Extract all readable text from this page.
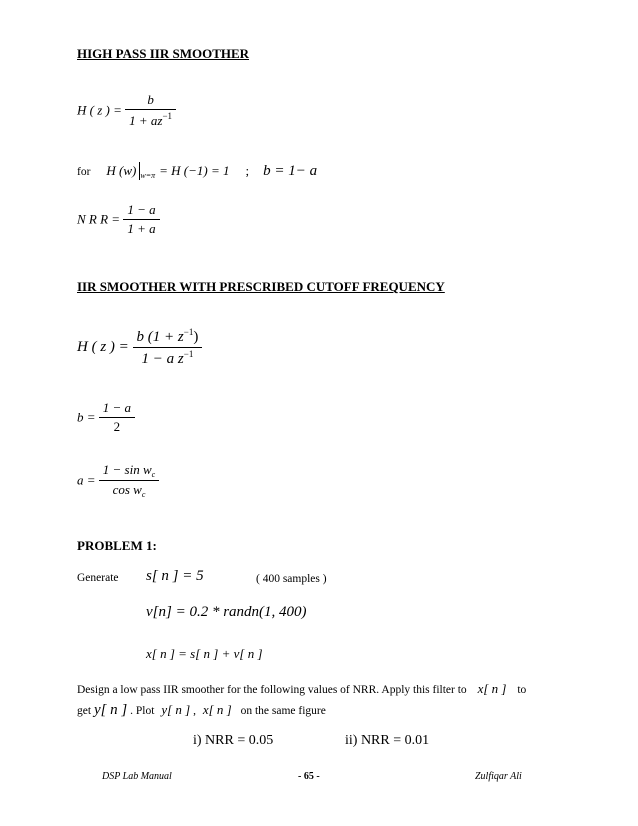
HIGH PASS IIR SMOOTHER
H ( z ) = $\frac{b}{1 + az^{-1}}$
for H (w) $_{w=\pi}$ = H (−1) = 1 ; b = 1− a
N R $R = \frac{1 - a}{1 + a}$
IIR SMOOTHER WITH PRESCRIBED CUTOFF FREQUENCY
H ( z ) = $\frac{b (1 + z^{-1})}{1 - a z^{-1}}$
$b = \frac{1 - a}{2}$
$a = \frac{1 - \sin w_c}{\cos w_c}$
PROBLEM 1:
Generate s[ n ] = 5	( 400 samples )
v[n] = 0.2 * randn(1, 400)
x[ n ] = s[ n ] + v[ n ]
Design a low pass IIR smoother for the following values of NRR. Apply this filter to x[ n ] to
get y[ n ] . Plot y[ n ] , x[ n ] on the same figure
i) NRR = 0.05	ii) NRR = 0.01
DSP Lab Manual	- 65 -	Zulfiqar Ali
